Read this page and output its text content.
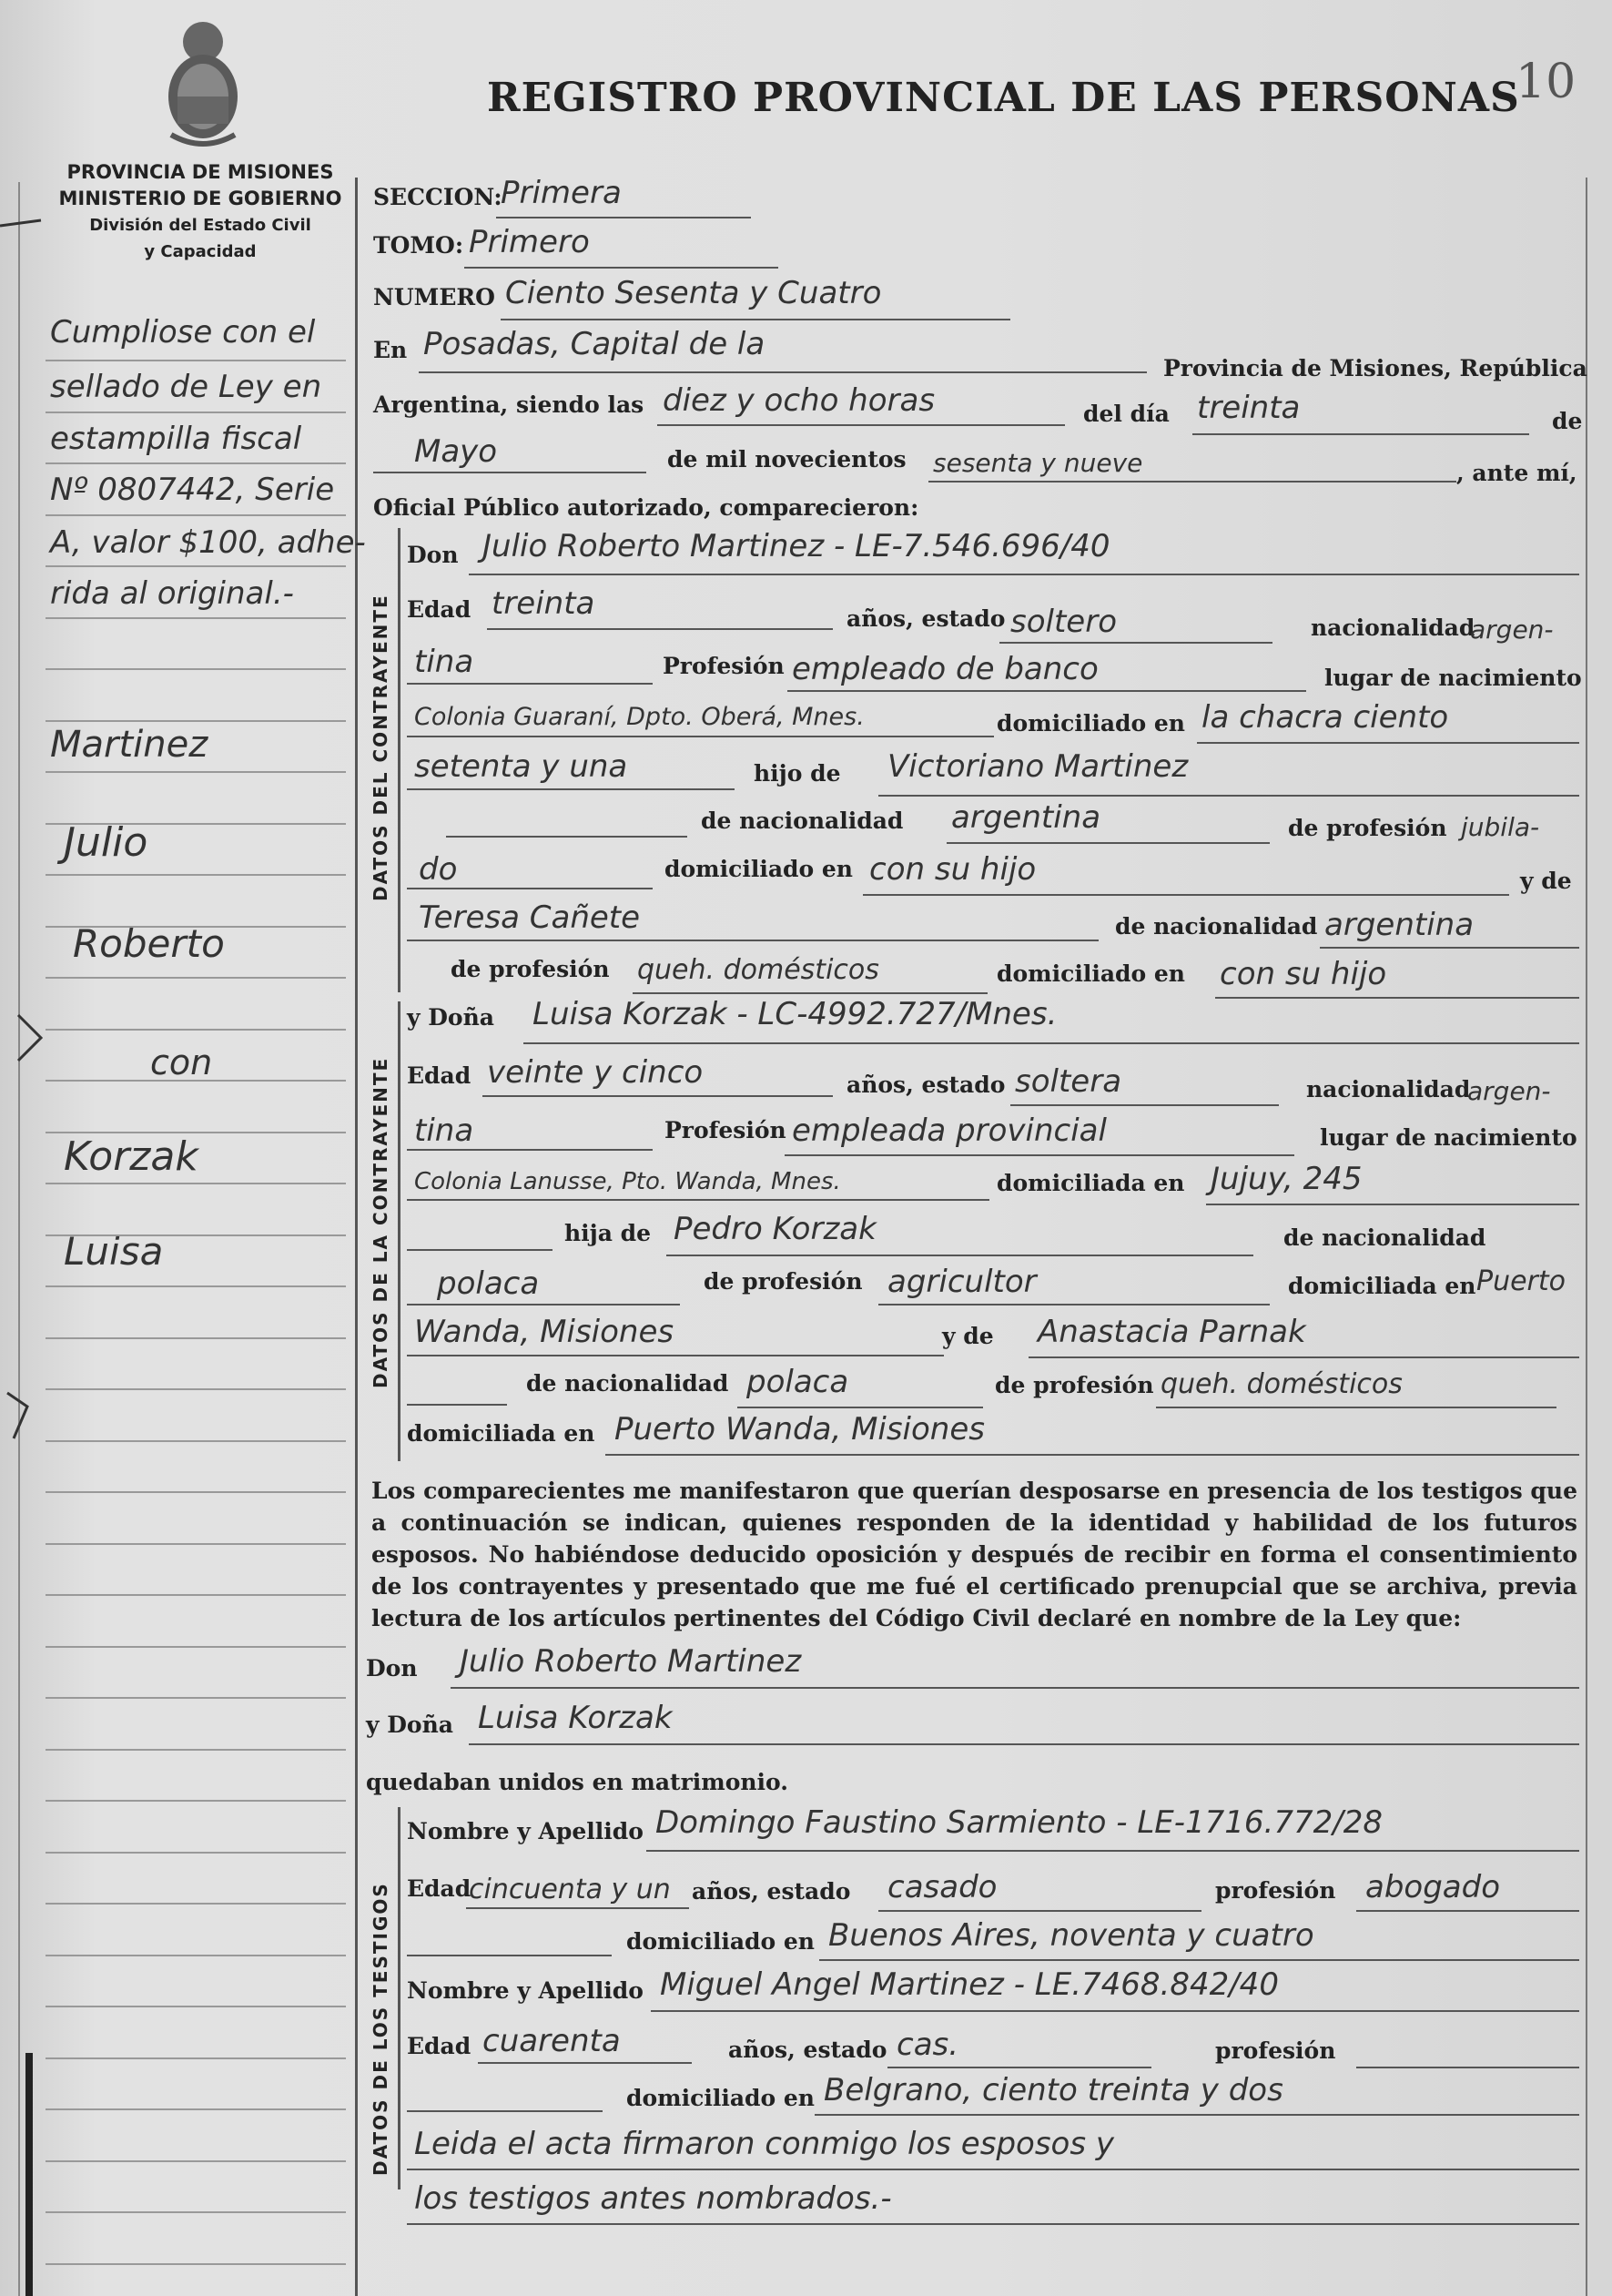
REGISTRO PROVINCIAL DE LAS PERSONAS
10
PROVINCIA DE MISIONES
MINISTERIO DE GOBIERNO
División del Estado Civil
y Capacidad
Cumpliose con el
sellado de Ley en
estampilla fiscal
Nº 0807442, Serie
A, valor $100, adhe-
rida al original.-
Martinez
Julio
Roberto
con
Korzak
Luisa
SECCION:
Primera
TOMO: Primero
NUMERO Ciento Sesenta y Cuatro
En Posadas, Capital de la
Provincia de Misiones, República
Argentina, siendo las diez y ocho horas	del día treinta	de
Mayo	de mil novecientos sesenta y nueve	, ante mí,
Oficial Público autorizado, comparecieron:
DATOS DEL CONTRAYENTE
Don Julio Roberto Martinez - LE-7.546.696/40
Edad treinta	años, estado soltero	nacionalidad
argen-
tina	Profesión empleado de banco	lugar de nacimiento
Colonia Guaraní, Dpto. Oberá, Mnes.	domiciliado en la chacra ciento
setenta y una	hijo de Victoriano Martinez
de nacionalidad argentina	de profesión jubila-
do	domiciliado en con su hijo	y de
Teresa Cañete	de nacionalidad argentina
de profesión queh. domésticos	domiciliado en con su hijo
DATOS DE LA CONTRAYENTE
y Doña Luisa Korzak - LC-4992.727/Mnes.
Edad veinte y cinco	años, estado soltera	nacionalidad
argen-
tina	Profesión empleada provincial	lugar de nacimiento
Colonia Lanusse, Pto. Wanda, Mnes.	domiciliada en Jujuy, 245
hija de Pedro Korzak	de nacionalidad
polaca	de profesión agricultor	domiciliada en Puerto
Wanda, Misiones	y de Anastacia Parnak
de nacionalidad polaca	de profesión queh. domésticos
domiciliada en Puerto Wanda, Misiones
Los comparecientes me manifestaron que querían desposarse en presencia de los testigos que a continuación se indican, quienes responden de la identidad y habilidad de los futuros esposos. No habiéndose deducido oposición y después de recibir en forma el consentimiento de los contrayentes y presentado que me fué el certificado prenupcial que se archiva, previa lectura de los artículos pertinentes del Código Civil declaré en nombre de la Ley que:
Don Julio Roberto Martinez
y Doña Luisa Korzak
quedaban unidos en matrimonio.
DATOS DE LOS TESTIGOS
Nombre y Apellido Domingo Faustino Sarmiento - LE-1716.772/28
Edad
cincuenta y un años, estado casado	profesión abogado
domiciliado en Buenos Aires, noventa y cuatro
Nombre y Apellido Miguel Angel Martinez - LE.7468.842/40
Edad cuarenta	años, estado cas.	profesión
domiciliado en Belgrano, ciento treinta y dos
Leida el acta firmaron conmigo los esposos y
los testigos antes nombrados.-
